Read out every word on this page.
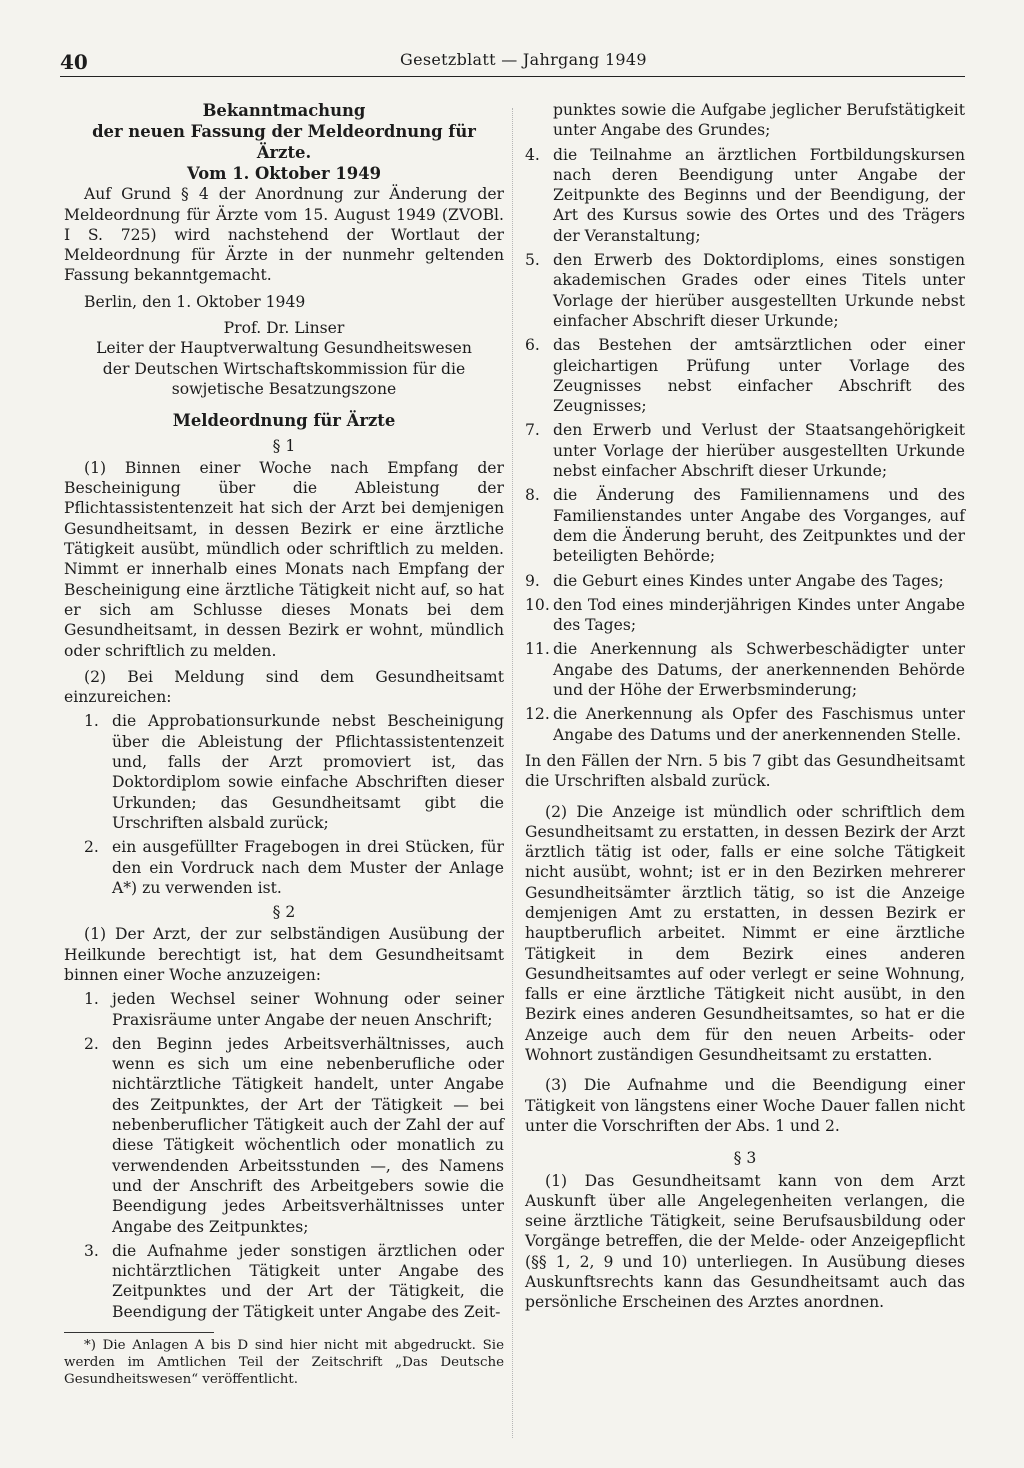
40	Gesetzblatt — Jahrgang 1949
Bekanntmachung
der neuen Fassung der Meldeordnung für Ärzte.
Vom 1. Oktober 1949

Auf Grund § 4 der Anordnung zur Änderung der Meldeordnung für Ärzte vom 15. August 1949 (ZVOBl. I S. 725) wird nachstehend der Wortlaut der Meldeordnung für Ärzte in der nunmehr geltenden Fassung bekanntgemacht.

Berlin, den 1. Oktober 1949

Prof. Dr. Linser

Leiter der Hauptverwaltung Gesundheitswesen der Deutschen Wirtschaftskommission für die sowjetische Besatzungszone

Meldeordnung für Ärzte
§ 1

(1) Binnen einer Woche nach Empfang der Bescheinigung über die Ableistung der Pflichtassistentenzeit hat sich der Arzt bei demjenigen Gesundheitsamt, in dessen Bezirk er eine ärztliche Tätigkeit ausübt, mündlich oder schriftlich zu melden. Nimmt er innerhalb eines Monats nach Empfang der Bescheinigung eine ärztliche Tätigkeit nicht auf, so hat er sich am Schlusse dieses Monats bei dem Gesundheitsamt, in dessen Bezirk er wohnt, mündlich oder schriftlich zu melden.

(2) Bei Meldung sind dem Gesundheitsamt einzureichen:

1. die Approbationsurkunde nebst Bescheinigung über die Ableistung der Pflichtassistentenzeit und, falls der Arzt promoviert ist, das Doktordiplom sowie einfache Abschriften dieser Urkunden; das Gesundheitsamt gibt die Urschriften alsbald zurück;
2. ein ausgefüllter Fragebogen in drei Stücken, für den ein Vordruck nach dem Muster der Anlage A*) zu verwenden ist.
§ 2

(1) Der Arzt, der zur selbständigen Ausübung der Heilkunde berechtigt ist, hat dem Gesundheitsamt binnen einer Woche anzuzeigen:

1. jeden Wechsel seiner Wohnung oder seiner Praxisräume unter Angabe der neuen Anschrift;
2. den Beginn jedes Arbeitsverhältnisses, auch wenn es sich um eine nebenberufliche oder nichtärztliche Tätigkeit handelt, unter Angabe des Zeitpunktes, der Art der Tätigkeit — bei nebenberuflicher Tätigkeit auch der Zahl der auf diese Tätigkeit wöchentlich oder monatlich zu verwendenden Arbeitsstunden —, des Namens und der Anschrift des Arbeitgebers sowie die Beendigung jedes Arbeitsverhältnisses unter Angabe des Zeitpunktes;
3. die Aufnahme jeder sonstigen ärztlichen oder nichtärztlichen Tätigkeit unter Angabe des Zeitpunktes und der Art der Tätigkeit, die Beendigung der Tätigkeit unter Angabe des Zeit-

*) Die Anlagen A bis D sind hier nicht mit abgedruckt. Sie werden im Amtlichen Teil der Zeitschrift „Das Deutsche Gesundheitswesen“ veröffentlicht.

punktes sowie die Aufgabe jeglicher Berufstätigkeit unter Angabe des Grundes;
4. die Teilnahme an ärztlichen Fortbildungskursen nach deren Beendigung unter Angabe der Zeitpunkte des Beginns und der Beendigung, der Art des Kursus sowie des Ortes und des Trägers der Veranstaltung;
5. den Erwerb des Doktordiploms, eines sonstigen akademischen Grades oder eines Titels unter Vorlage der hierüber ausgestellten Urkunde nebst einfacher Abschrift dieser Urkunde;
6. das Bestehen der amtsärztlichen oder einer gleichartigen Prüfung unter Vorlage des Zeugnisses nebst einfacher Abschrift des Zeugnisses;
7. den Erwerb und Verlust der Staatsangehörigkeit unter Vorlage der hierüber ausgestellten Urkunde nebst einfacher Abschrift dieser Urkunde;
8. die Änderung des Familiennamens und des Familienstandes unter Angabe des Vorganges, auf dem die Änderung beruht, des Zeitpunktes und der beteiligten Behörde;
9. die Geburt eines Kindes unter Angabe des Tages;
10. den Tod eines minderjährigen Kindes unter Angabe des Tages;
11. die Anerkennung als Schwerbeschädigter unter Angabe des Datums, der anerkennenden Behörde und der Höhe der Erwerbsminderung;
12. die Anerkennung als Opfer des Faschismus unter Angabe des Datums und der anerkennenden Stelle.

In den Fällen der Nrn. 5 bis 7 gibt das Gesundheitsamt die Urschriften alsbald zurück.

(2) Die Anzeige ist mündlich oder schriftlich dem Gesundheitsamt zu erstatten, in dessen Bezirk der Arzt ärztlich tätig ist oder, falls er eine solche Tätigkeit nicht ausübt, wohnt; ist er in den Bezirken mehrerer Gesundheitsämter ärztlich tätig, so ist die Anzeige demjenigen Amt zu erstatten, in dessen Bezirk er hauptberuflich arbeitet. Nimmt er eine ärztliche Tätigkeit in dem Bezirk eines anderen Gesundheitsamtes auf oder verlegt er seine Wohnung, falls er eine ärztliche Tätigkeit nicht ausübt, in den Bezirk eines anderen Gesundheitsamtes, so hat er die Anzeige auch dem für den neuen Arbeits- oder Wohnort zuständigen Gesundheitsamt zu erstatten.

(3) Die Aufnahme und die Beendigung einer Tätigkeit von längstens einer Woche Dauer fallen nicht unter die Vorschriften der Abs. 1 und 2.

§ 3

(1) Das Gesundheitsamt kann von dem Arzt Auskunft über alle Angelegenheiten verlangen, die seine ärztliche Tätigkeit, seine Berufsausbildung oder Vorgänge betreffen, die der Melde- oder Anzeigepflicht (§§ 1, 2, 9 und 10) unterliegen. In Ausübung dieses Auskunftsrechts kann das Gesundheitsamt auch das persönliche Erscheinen des Arztes anordnen.
